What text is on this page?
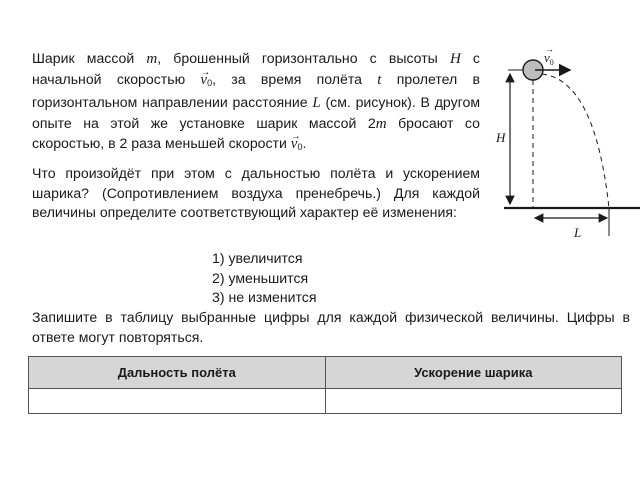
Шарик массой m, брошенный горизонтально с высоты H с начальной скоростью → v0, за время полёта t пролетел в горизонтальном направлении расстояние L (см. рисунок). В другом опыте на этой же установке шарик массой 2m бросают со скоростью, в 2 раза меньшей скорости → v0.

Что произойдёт при этом с дальностью полёта и ускорением шарика? (Сопротивлением воздуха пренебречь.) Для каждой величины определите соответствующий характер её изменения:

1) увеличится
2) уменьшится
3) не изменится

Запишите в таблицу выбранные цифры для каждой физической величины. Цифры в ответе могут повторяться.

$v_0$
→
H
L
Дальность полёта	Ускорение шарика
